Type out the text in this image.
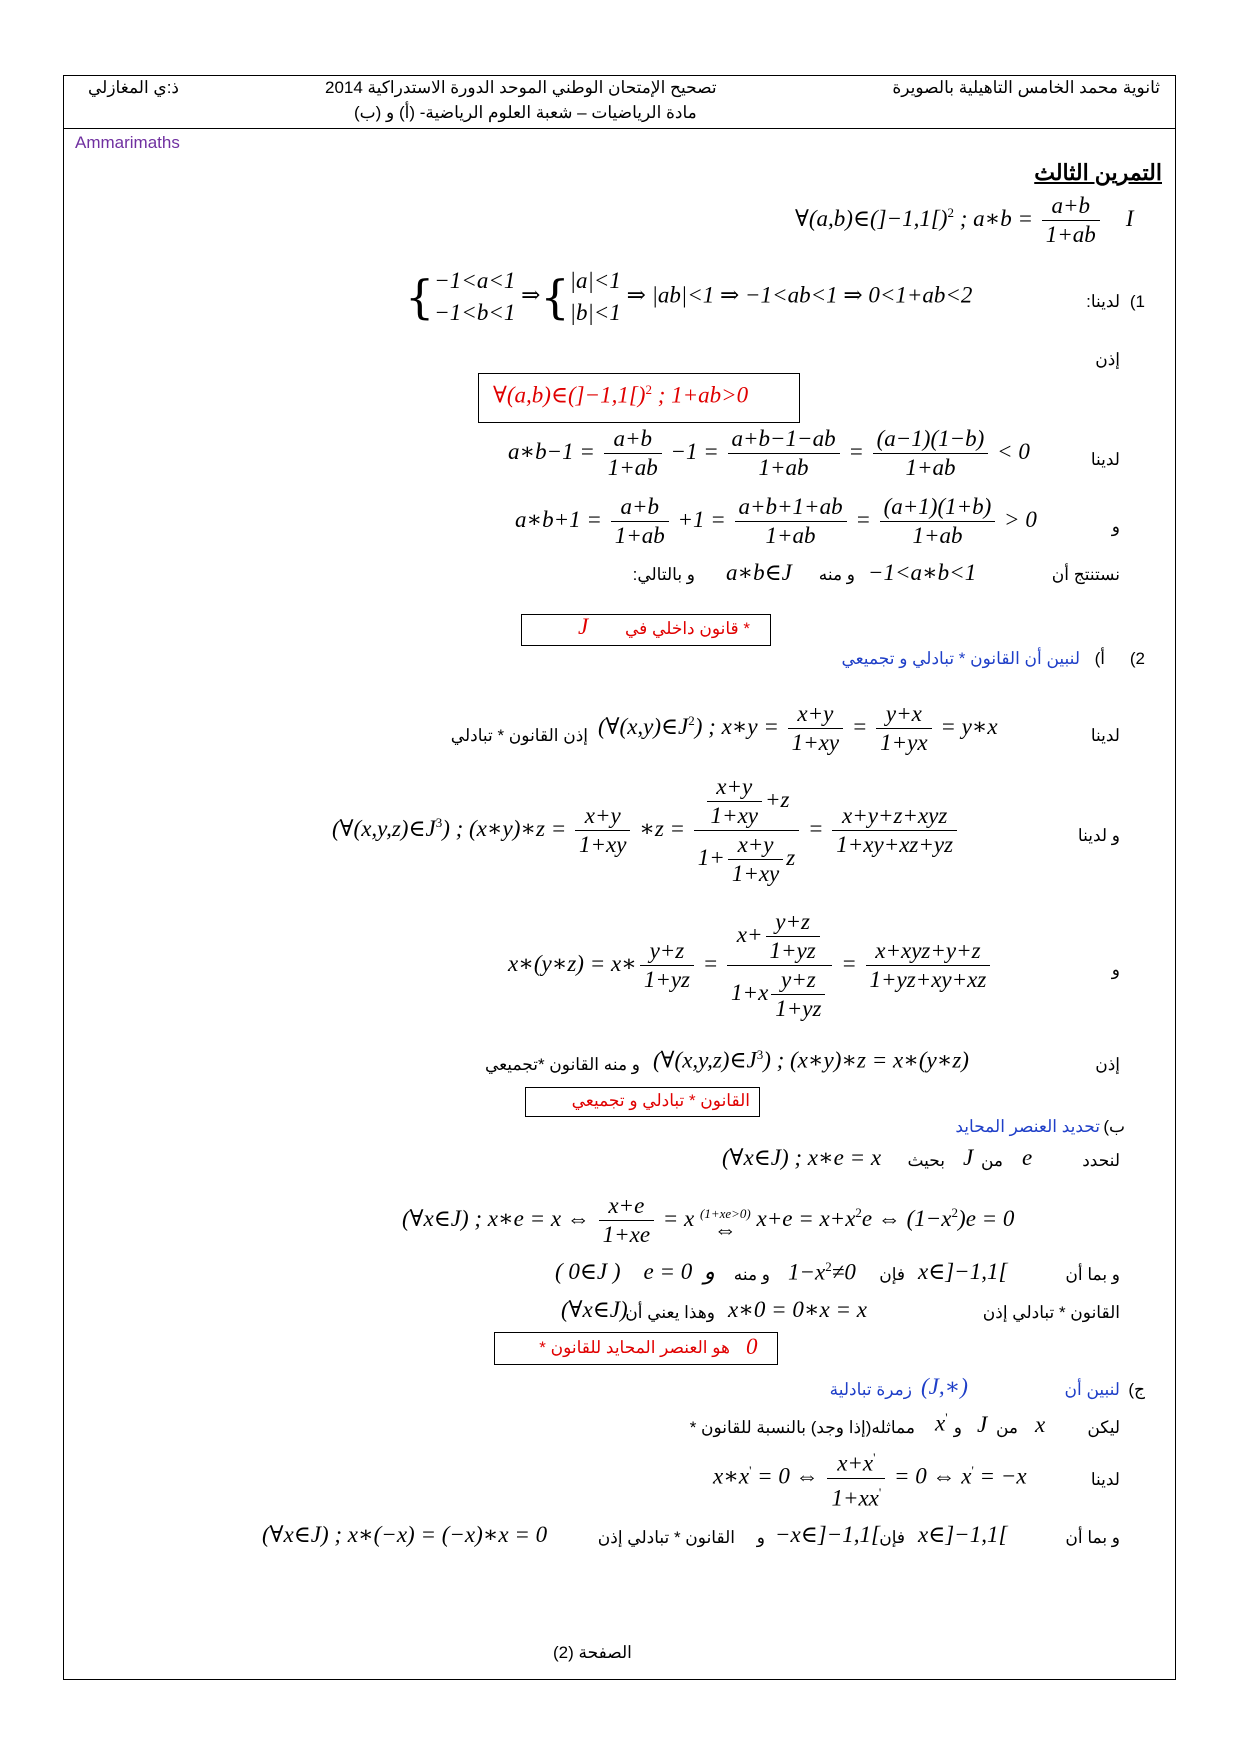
ثانوية محمد الخامس التاهيلية بالصويرة
تصحيح الإمتحان الوطني الموحد الدورة الاستدراكية 2014
مادة الرياضيات – شعبة العلوم الرياضية- (أ) و (ب)
ذ:ي المغازلي
Ammarimaths
التمرين الثالث
$\forall(a,b)\in(]-1,1[)^2$ ; a∗b = $\frac{a+b}{1+ab}$ I
1)
لدينا:
{−1<a<1
−1<b<1 ⇒{|a|<1
|b|<1 ⇒ |ab|<1 ⇒ −1<ab<1 ⇒ 0<1+ab<2
إذن
$\forall(a,b)\in(]-1,1[)^2$ ; 1+ab>0
لدينا
a∗b−1 = $\frac{a+b}{1+ab} -1 = \frac{a+b-1-ab}{1+ab} = \frac{(a-1)(1-b)}{1+ab} < 0$
و
a∗b+1 = $\frac{a+b}{1+ab} +1 = \frac{a+b+1+ab}{1+ab} = \frac{(a+1)(1+b)}{1+ab} > 0$
نستنتج أن
−1<a∗b<1
و منه
a∗b∈J
و بالتالي:
* قانون داخلي في
J
2)
أ)
لنبين أن القانون * تبادلي و تجميعي
لدينا
$(\forall(x,y)\in J^2)$ ; x∗y = $\frac{x+y}{1+xy} = \frac{y+x}{1+yx}$ = y∗x
إذن القانون * تبادلي
و لدينا
$(\forall(x,y,z)\in J^3)$ ; (x∗y)∗z = $\frac{x+y}{1+xy}$ ∗z = $\frac{\frac{x+y}{1+xy} +z}{1+ \frac{x+y}{1+xy} z} = \frac{\text{x+y+z+xyz}}{1+xy+xz+yz}$
و
x∗(y∗z) = x∗ $\frac{y+z}{1+yz} = \frac{x+ \frac{y+z}{1+yz}}{1+x \frac{y+z}{1+yz}} = \frac{\text{x+xyz+y+z}}{1+yz+xy+xz}$
إذن
$(\forall(x,y,z)\in J^3)$ ; (x∗y)∗z = x∗(y∗z)
و منه القانون *تجميعي
القانون * تبادلي و تجميعي
ب)
تحديد العنصر المحايد
لنحدد
e
من
J
بحيث
(∀x∈J) ; x∗e = x
(∀x∈J) ; x∗e = x ⇔ $\frac{x+e}{1+xe} = x$ (1+xe>0)
⇔ $x+e = x+x^2e$ ⇔ $(1-x^2)e = 0$
و بما أن
x∈]−1,1[
فإن
$1-x^2\ne 0$
و منه
( 0∈J )    e = 0  و
القانون * تبادلي إذن
x∗0 = 0∗x = x
وهذا يعني أن
(∀x∈J)
0
هو العنصر المحايد للقانون *
ج)
لنبين أن
(J,∗)
زمرة تبادلية
ليكن
x
من
J
و
x'
مماثله(إذا وجد) بالنسبة للقانون *
لدينا
x∗x' = 0 ⇔ $\frac{x+x'}{1+xx'} = 0$ ⇔ x' = −x
و بما أن
x∈]−1,1[
فإن
−x∈]−1,1[
و
القانون * تبادلي إذن
(∀x∈J) ; x∗(−x) = (−x)∗x = 0
الصفحة (2)
